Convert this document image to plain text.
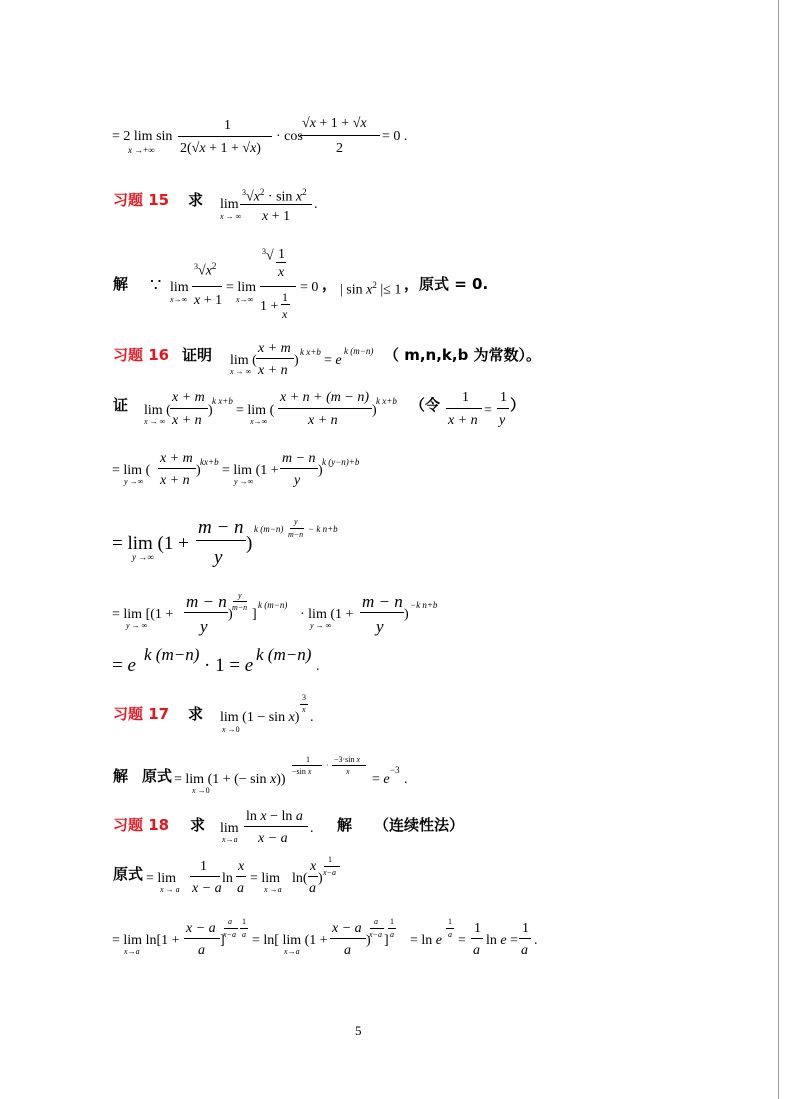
= 2 lim sin
x →+∞
1
2(√x + 1 + √x)
· cos
√x + 1 + √x
2
= 0 .
习题 15 求 lim
x → ∞
$^3√x^2 \cdot \sin x^2$
x + 1
.
解 ∵ lim
x→∞
$^3√x^2$
x + 1
= lim
x→∞
$^3$√ 1
x
1 +
1
x
= 0 ， | $\sin x^2$ |≤ 1 ，原式 = 0.
习题 16 证明 lim (
x → ∞
x + m
x + n
)
k x+b
= e
k (m−n) （ m,n,k,b 为常数）。
证 lim (
x → ∞
x + m
x + n
)
k x+b
= lim (
x→∞
x + n + (m − n)
x + n
)
k x+b （令 1
x + n
=
1
y
）
= lim (
y →∞
x + m
x + n
)
kx+b
= lim (1 +
y →∞
m − n
y
)
k (y−n)+b
= lim (1 +
y →∞
m − n
y
)
k (m−n)
y
m−n
− k n+b
= lim [(1 +
y → ∞
m − n
y
)
y
m−n ]
k (m−n)
· lim (1 +
y → ∞
m − n
y
)
−k n+b
= e
k (m−n)
· 1 = e
k (m−n)
.
习题 17 求 lim (1 − sin x)
x →0
3
x
.
解 原式 = lim (1 + (− sin x))
x →0
1
−sin x
·
−3·sin x
x
= e
−3
.
习题 18 求 lim
x→a
ln x − ln a
x − a
. 解 （连续性法）
原式 = lim
x → a
1
x − a
ln
x
a
= lim
x →a
ln(
x
a
)
1
x−a
= lim ln[1 +
x→a
x − a
a
]
a
x−a
1
a = ln[ lim (1 +
x→a
x − a
a
)
a
x−a ]
1
a = ln e
1
a =
1
a
ln e =
1
a
.
5
